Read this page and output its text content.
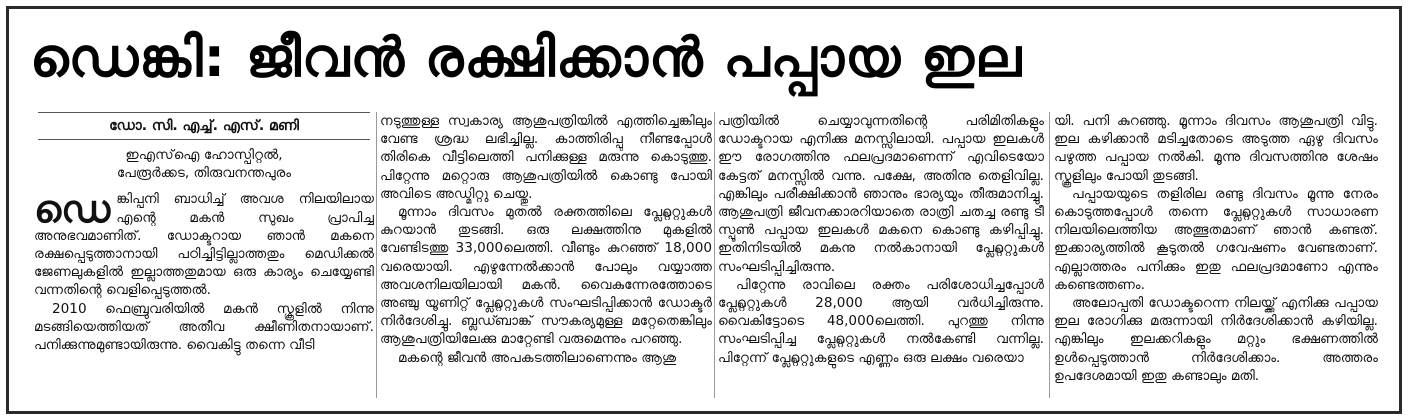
ഡെങ്കി: ജീവൻ രക്ഷിക്കാൻ പപ്പായ ഇല
ഡോ. സി. എച്ച്. എസ്. മണി
ഇഎസ്ഐ ഹോസ്പിറ്റൽ,
പേരൂർക്കട, തിരുവനന്തപുരം

ഡെങ്കിപ്പനി ബാധിച്ച് അവശ നിലയിലായ എന്റെ മകൻ സുഖം പ്രാപിച്ച അനുഭവമാണിത്. ഡോക്ടറായ ഞാൻ മകനെ രക്ഷപ്പെടുത്താനായി പഠിച്ചിട്ടില്ലാത്തതും മെഡിക്കൽ ജേണലുകളിൽ ഇല്ലാത്തതുമായ ഒരു കാര്യം ചെയ്യേണ്ടി വന്നതിന്റെ വെളിപ്പെടുത്തൽ.

2010 ഫെബ്രുവരിയിൽ മകൻ സ്കൂളിൽ നിന്നു മടങ്ങിയെത്തിയത് അതീവ ക്ഷീണിതനായാണ്. പനിക്കുന്നുമുണ്ടായിരുന്നു. വൈകിട്ടു തന്നെ വീടി

നടുത്തുള്ള സ്വകാര്യ ആശുപത്രിയിൽ എത്തിച്ചെങ്കിലും വേണ്ട ശ്രദ്ധ ലഭിച്ചില്ല. കാത്തിരിപ്പു നീണ്ടപ്പോൾ തിരികെ വീട്ടിലെത്തി പനിക്കുള്ള മരുന്നു കൊടുത്തു. പിറ്റേന്നു മറ്റൊരു ആശുപത്രിയിൽ കൊണ്ടു പോയി അവിടെ അഡ്മിറ്റു ചെയ്തു.

മൂന്നാം ദിവസം മുതൽ രക്തത്തിലെ പ്ലേറ്റ്ലറ്റുകൾ കുറയാൻ തുടങ്ങി. ഒരു ലക്ഷത്തിനു മുകളിൽ വേണ്ടിടത്തു 33,000ലെത്തി. വീണ്ടും കുറഞ്ഞ് 18,000 വരെയായി. എഴുന്നേൽക്കാൻ പോലും വയ്യാത്ത അവശനിലയിലായി മകൻ. വൈകുന്നേരത്തോടെ അഞ്ചു യൂണിറ്റ് പ്ലേറ്റ്ലറ്റുകൾ സംഘടിപ്പിക്കാൻ ഡോക്ടർ നിർദേശിച്ചു. ബ്ലഡ്ബാങ്ക് സൗകര്യമുള്ള മറ്റേതെങ്കിലും ആശുപത്രിയിലേക്കു മാറ്റേണ്ടി വരുമെന്നും പറഞ്ഞു.

മകന്റെ ജീവൻ അപകടത്തിലാണെന്നും ആശു

പത്രിയിൽ ചെയ്യാവുന്നതിന്റെ പരിമിതികളും ഡോക്ടറായ എനിക്കു മനസ്സിലായി. പപ്പായ ഇലകൾ ഈ രോഗത്തിനു ഫലപ്രദമാണെന്ന് എവിടെയോ കേട്ടത് മനസ്സിൽ വന്നു. പക്ഷേ, അതിനു തെളിവില്ല. എങ്കിലും പരീക്ഷിക്കാൻ ഞാനും ഭാര്യയും തീരുമാനിച്ചു. ആശുപത്രി ജീവനക്കാരറിയാതെ രാത്രി ചതച്ച രണ്ടു ടീ സ്പൂൺ പപ്പായ ഇലകൾ മകനെ കൊണ്ടു കഴിപ്പിച്ചു. ഇതിനിടയിൽ മകനു നൽകാനായി പ്ലേറ്റ്ലറ്റുകൾ സംഘടിപ്പിച്ചിരുന്നു.

പിറ്റേന്നു രാവിലെ രക്തം പരിശോധിച്ചപ്പോൾ പ്ലേറ്റ്ലറ്റുകൾ 28,000 ആയി വർധിച്ചിരുന്നു. വൈകിട്ടോടെ 48,000ലെത്തി. പുറത്തു നിന്നു സംഘടിപ്പിച്ച പ്ലേറ്റ്ലറ്റുകൾ നൽകേണ്ടി വന്നില്ല. പിറ്റേന്ന് പ്ലേറ്റ്ലറ്റുകളുടെ എണ്ണം ഒരു ലക്ഷം വരെയാ

യി. പനി കുറഞ്ഞു. മൂന്നാം ദിവസം ആശുപത്രി വിട്ടു. ഇല കഴിക്കാൻ മടിച്ചതോടെ അടുത്ത ഏഴു ദിവസം പഴുത്ത പപ്പായ നൽകി. മൂന്നു ദിവസത്തിനു ശേഷം സ്കൂളിലും പോയി തുടങ്ങി.

പപ്പായയുടെ തളിരില രണ്ടു ദിവസം മൂന്നു നേരം കൊടുത്തപ്പോൾ തന്നെ പ്ലേറ്റ്ലറ്റുകൾ സാധാരണ നിലയിലെത്തിയ അത്ഭുതമാണ് ഞാൻ കണ്ടത്. ഇക്കാര്യത്തിൽ കൂടുതൽ ഗവേഷണം വേണ്ടതാണ്. എല്ലാത്തരം പനിക്കും ഇതു ഫലപ്രദമാണോ എന്നും കണ്ടെത്തണം.

അലോപ്പതി ഡോക്ടറെന്ന നിലയ്ക്ക് എനിക്കു പപ്പായ ഇല രോഗിക്കു മരുന്നായി നിർദേശിക്കാൻ കഴിയില്ല. എങ്കിലും ഇലക്കറികളും മറ്റും ഭക്ഷണത്തിൽ ഉൾപ്പെടുത്താൻ നിർദേശിക്കാം. അത്തരം ഉപദേശമായി ഇതു കണ്ടാലും മതി.
